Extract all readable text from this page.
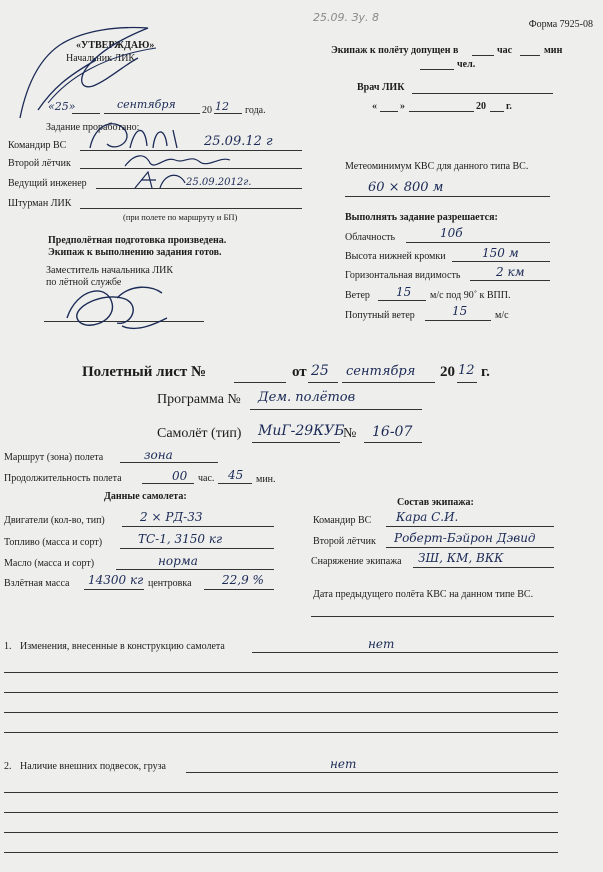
Форма 7925-08
25.09. Зу. 8
«УТВЕРЖДАЮ»
Начальник ЛИК
«25»	сентября	20 12 года.
Экипаж к полёту допущен в	час	мин
чел.
Врач ЛИК
« »	20 г.
Задание проработано:
Командир ВС	25.09.12 г
Второй лётчик
Ведущий инженер	25.09.2012г.
Штурман ЛИК
(при полете по маршруту и БП)
Метеоминимум КВС для данного типа ВС.
60 × 800 м
Выполнять задание разрешается:
Облачность	10б
Высота нижней кромки	150 м
Горизонтальная видимость	2 км
Ветер 15 м/с под 90˚ к ВПП.
Попутный ветер	15	м/с
Предполётная подготовка произведена.
Экипаж к выполнению задания готов.
Заместитель начальника ЛИК
по лётной службе
Полетный лист №	от 25 сентября 20 12 г.
Программа № Дем. полётов
Самолёт (тип) МиГ-29КУБ
№ 16-07
Маршрут (зона) полета	зона
Продолжительность полета	00 час. 45 мин.
Данные самолета:
Двигатели (кол-во, тип)	2 × РД-33
Топливо (масса и сорт)	ТС-1, 3150 кг
Масло (масса и сорт)	норма
Взлётная масса 14300 кг центровка	22,9 %
Состав экипажа:
Командир ВС Кара С.И.
Второй лётчик Роберт-Бэйрон Дэвид
Снаряжение экипажа ЗШ, КМ, ВКК
Дата предыдущего полёта КВС на данном типе ВС.
1. Изменения, внесенные в конструкцию самолета	нет
2. Наличие внешних подвесок, груза	нет
